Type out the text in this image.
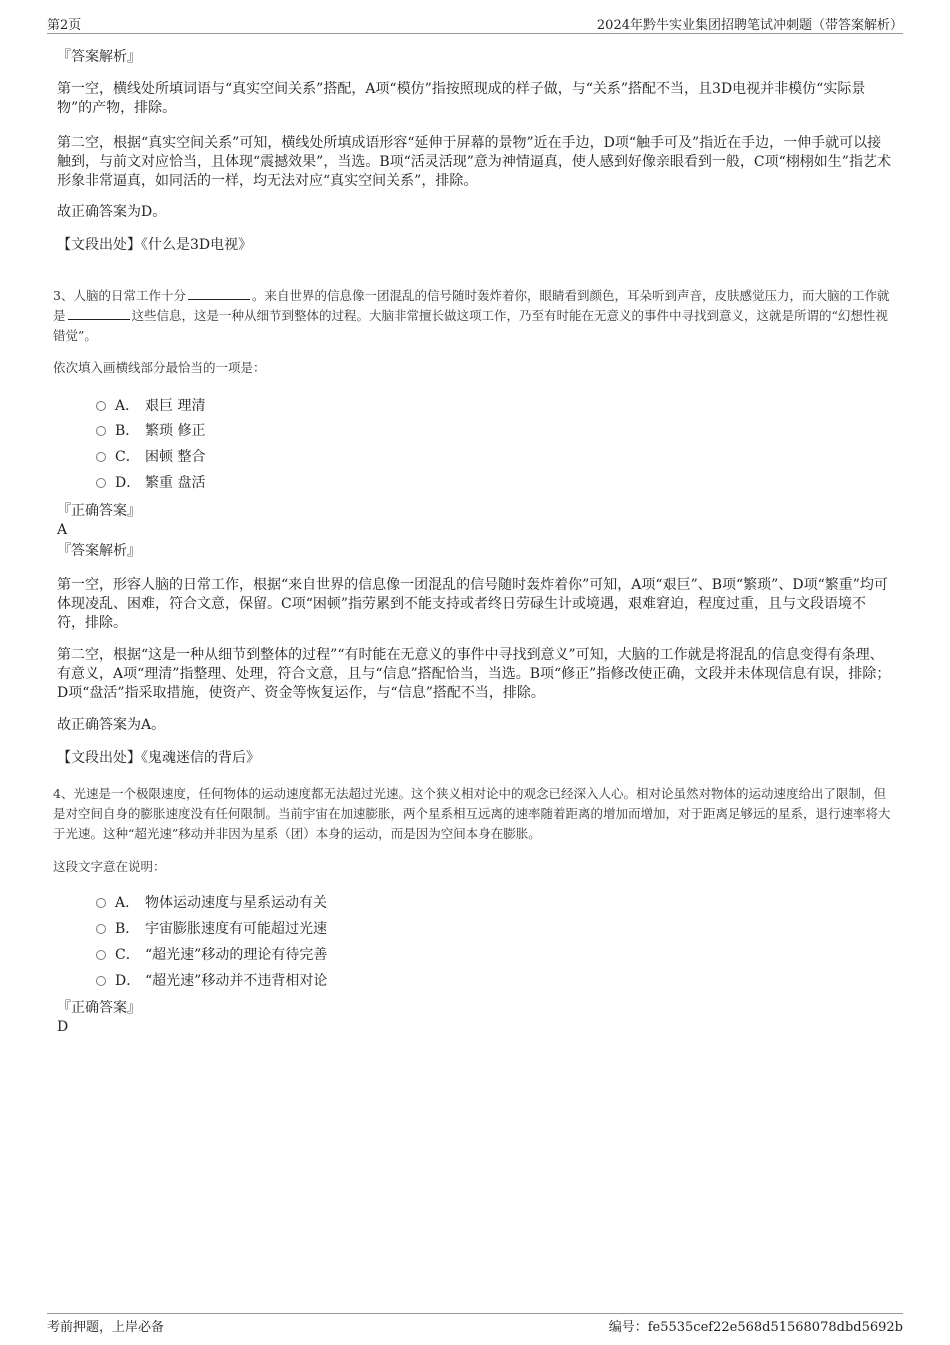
第2页	2024年黔牛实业集团招聘笔试冲刺题（带答案解析）
『答案解析』

第一空，横线处所填词语与“真实空间关系”搭配，A项“模仿”指按照现成的样子做，与“关系”搭配不当，且3D电视并非模仿“实际景物”的产物，排除。

第二空，根据“真实空间关系”可知，横线处所填成语形容“延伸于屏幕的景物”近在手边，D项“触手可及”指近在手边，一伸手就可以接触到，与前文对应恰当，且体现“震撼效果”，当选。B项“活灵活现”意为神情逼真，使人感到好像亲眼看到一般，C项“栩栩如生”指艺术形象非常逼真，如同活的一样，均无法对应“真实空间关系”，排除。

故正确答案为D。

【文段出处】《什么是3D电视》

3、人脑的日常工作十分	。来自世界的信息像一团混乱的信号随时轰炸着你，眼睛看到颜色，耳朵听到声音，皮肤感觉压力，而大脑的工作就是	这些信息，这是一种从细节到整体的过程。大脑非常擅长做这项工作，乃至有时能在无意义的事件中寻找到意义，这就是所谓的“幻想性视错觉”。

依次填入画横线部分最恰当的一项是：

A． 艰巨 理清
B． 繁琐 修正
C． 困顿 整合
D． 繁重 盘活
『正确答案』
A
『答案解析』

第一空，形容人脑的日常工作，根据“来自世界的信息像一团混乱的信号随时轰炸着你”可知，A项“艰巨”、B项“繁琐”、D项“繁重”均可体现凌乱、困难，符合文意，保留。C项“困顿”指劳累到不能支持或者终日劳碌生计或境遇，艰难窘迫，程度过重，且与文段语境不符，排除。

第二空，根据“这是一种从细节到整体的过程”“有时能在无意义的事件中寻找到意义”可知，大脑的工作就是将混乱的信息变得有条理、有意义，A项“理清”指整理、处理，符合文意，且与“信息”搭配恰当，当选。B项“修正”指修改使正确，文段并未体现信息有误，排除；D项“盘活”指采取措施，使资产、资金等恢复运作，与“信息”搭配不当，排除。

故正确答案为A。

【文段出处】《鬼魂迷信的背后》

4、光速是一个极限速度，任何物体的运动速度都无法超过光速。这个狭义相对论中的观念已经深入人心。相对论虽然对物体的运动速度给出了限制，但是对空间自身的膨胀速度没有任何限制。当前宇宙在加速膨胀，两个星系相互远离的速率随着距离的增加而增加，对于距离足够远的星系，退行速率将大于光速。这种“超光速”移动并非因为星系（团）本身的运动，而是因为空间本身在膨胀。

这段文字意在说明：

A． 物体运动速度与星系运动有关
B． 宇宙膨胀速度有可能超过光速
C． “超光速”移动的理论有待完善
D． “超光速”移动并不违背相对论
『正确答案』
D
考前押题，上岸必备	编号：fe5535cef22e568d51568078dbd5692b
